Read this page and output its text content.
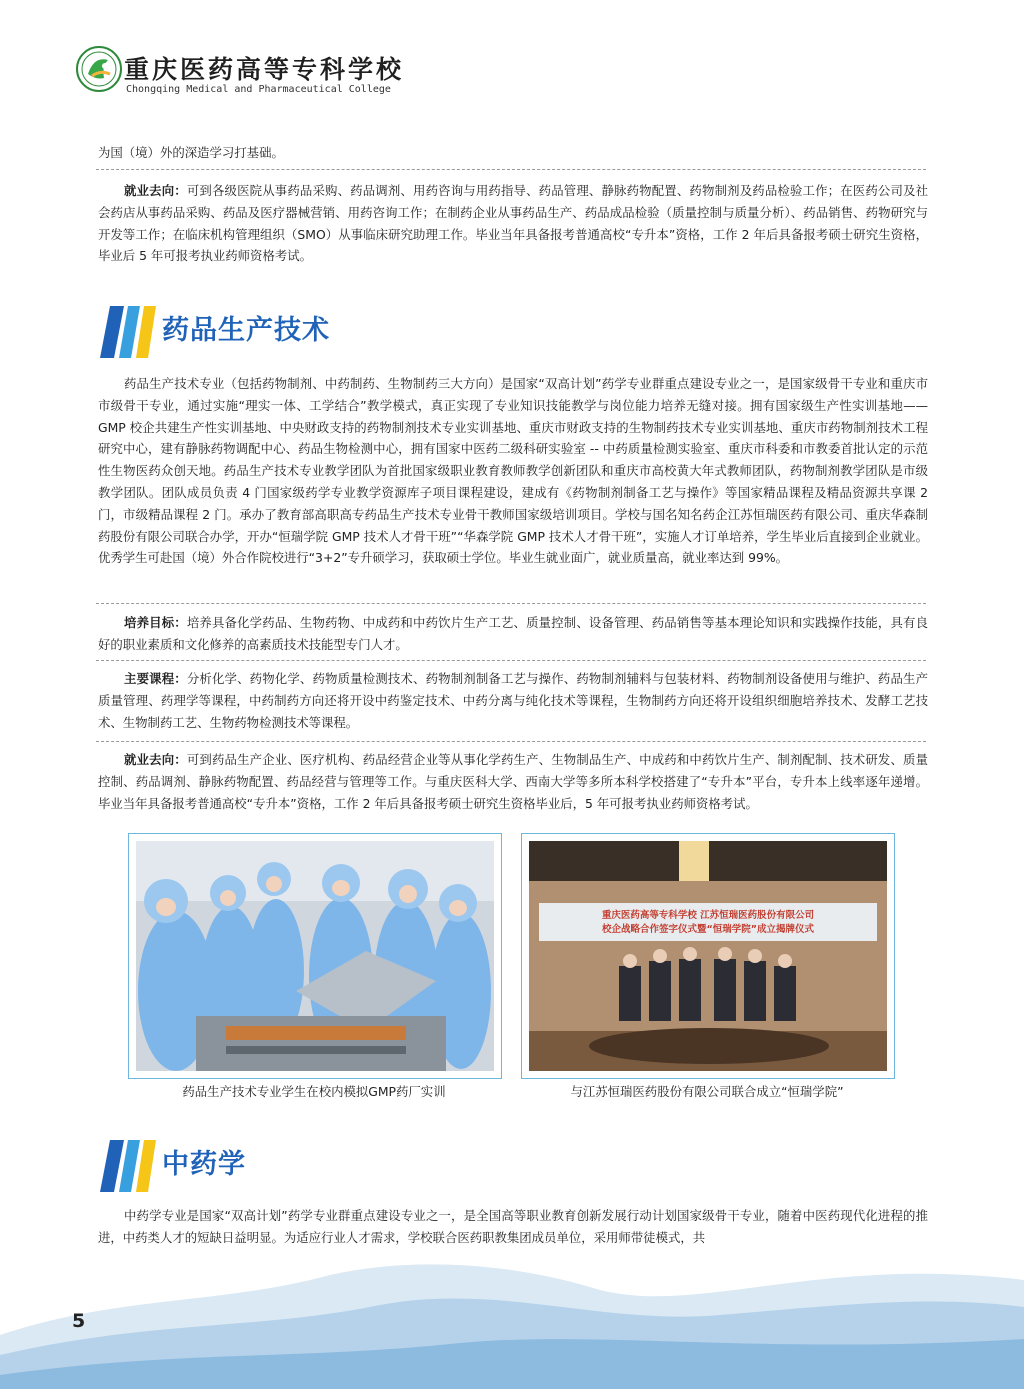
重庆医药高等专科学校
Chongqing Medical and Pharmaceutical College
为国（境）外的深造学习打基础。
就业去向：可到各级医院从事药品采购、药品调剂、用药咨询与用药指导、药品管理、静脉药物配置、药物制剂及药品检验工作；在医药公司及社会药店从事药品采购、药品及医疗器械营销、用药咨询工作；在制药企业从事药品生产、药品成品检验（质量控制与质量分析）、药品销售、药物研究与开发等工作；在临床机构管理组织（SMO）从事临床研究助理工作。毕业当年具备报考普通高校“专升本”资格，工作 2 年后具备报考硕士研究生资格，毕业后 5 年可报考执业药师资格考试。
药品生产技术
药品生产技术专业（包括药物制剂、中药制药、生物制药三大方向）是国家“双高计划”药学专业群重点建设专业之一，是国家级骨干专业和重庆市市级骨干专业，通过实施“理实一体、工学结合”教学模式，真正实现了专业知识技能教学与岗位能力培养无缝对接。拥有国家级生产性实训基地——GMP 校企共建生产性实训基地、中央财政支持的药物制剂技术专业实训基地、重庆市财政支持的生物制药技术专业实训基地、重庆市药物制剂技术工程研究中心，建有静脉药物调配中心、药品生物检测中心，拥有国家中医药二级科研实验室 -- 中药质量检测实验室、重庆市科委和市教委首批认定的示范性生物医药众创天地。药品生产技术专业教学团队为首批国家级职业教育教师教学创新团队和重庆市高校黄大年式教师团队，药物制剂教学团队是市级教学团队。团队成员负责 4 门国家级药学专业教学资源库子项目课程建设，建成有《药物制剂制备工艺与操作》等国家精品课程及精品资源共享课 2 门，市级精品课程 2 门。承办了教育部高职高专药品生产技术专业骨干教师国家级培训项目。学校与国名知名药企江苏恒瑞医药有限公司、重庆华森制药股份有限公司联合办学，开办“恒瑞学院 GMP 技术人才骨干班”“华森学院 GMP 技术人才骨干班”，实施人才订单培养，学生毕业后直接到企业就业。优秀学生可赴国（境）外合作院校进行“3+2”专升硕学习，获取硕士学位。毕业生就业面广，就业质量高，就业率达到 99%。
培养目标：培养具备化学药品、生物药物、中成药和中药饮片生产工艺、质量控制、设备管理、药品销售等基本理论知识和实践操作技能，具有良好的职业素质和文化修养的高素质技术技能型专门人才。
主要课程：分析化学、药物化学、药物质量检测技术、药物制剂制备工艺与操作、药物制剂辅料与包装材料、药物制剂设备使用与维护、药品生产质量管理、药理学等课程，中药制药方向还将开设中药鉴定技术、中药分离与纯化技术等课程，生物制药方向还将开设组织细胞培养技术、发酵工艺技术、生物制药工艺、生物药物检测技术等课程。
就业去向：可到药品生产企业、医疗机构、药品经营企业等从事化学药生产、生物制品生产、中成药和中药饮片生产、制剂配制、技术研发、质量控制、药品调剂、静脉药物配置、药品经营与管理等工作。与重庆医科大学、西南大学等多所本科学校搭建了“专升本”平台，专升本上线率逐年递增。毕业当年具备报考普通高校“专升本”资格，工作 2 年后具备报考硕士研究生资格毕业后，5 年可报考执业药师资格考试。
药品生产技术专业学生在校内模拟GMP药厂实训
重庆医药高等专科学校 江苏恒瑞医药股份有限公司
校企战略合作签字仪式暨“恒瑞学院”成立揭牌仪式
与江苏恒瑞医药股份有限公司联合成立“恒瑞学院”
中药学
中药学专业是国家“双高计划”药学专业群重点建设专业之一，是全国高等职业教育创新发展行动计划国家级骨干专业，随着中医药现代化进程的推进，中药类人才的短缺日益明显。为适应行业人才需求，学校联合医药职教集团成员单位，采用师带徒模式，共
5
